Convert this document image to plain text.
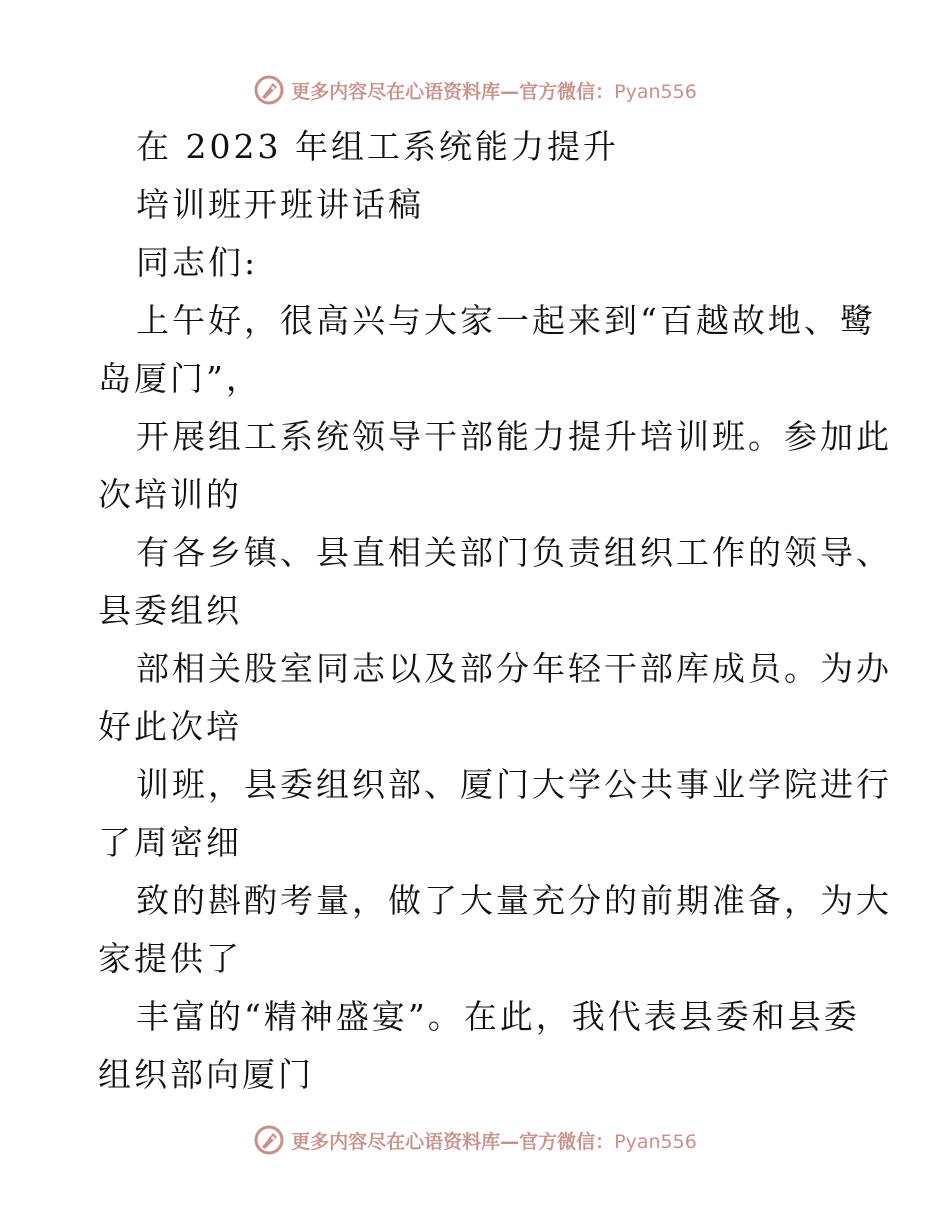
更多内容尽在心语资料库—官方微信：Pyan556
在 2023 年组工系统能力提升
培训班开班讲话稿
同志们:
上午好，很高兴与大家一起来到“百越故地、鹭
岛厦门”，
开展组工系统领导干部能力提升培训班。参加此
次培训的
有各乡镇、县直相关部门负责组织工作的领导、
县委组织
部相关股室同志以及部分年轻干部库成员。为办
好此次培
训班，县委组织部、厦门大学公共事业学院进行
了周密细
致的斟酌考量，做了大量充分的前期准备，为大
家提供了
丰富的“精神盛宴”。在此，我代表县委和县委
组织部向厦门
更多内容尽在心语资料库—官方微信：Pyan556
